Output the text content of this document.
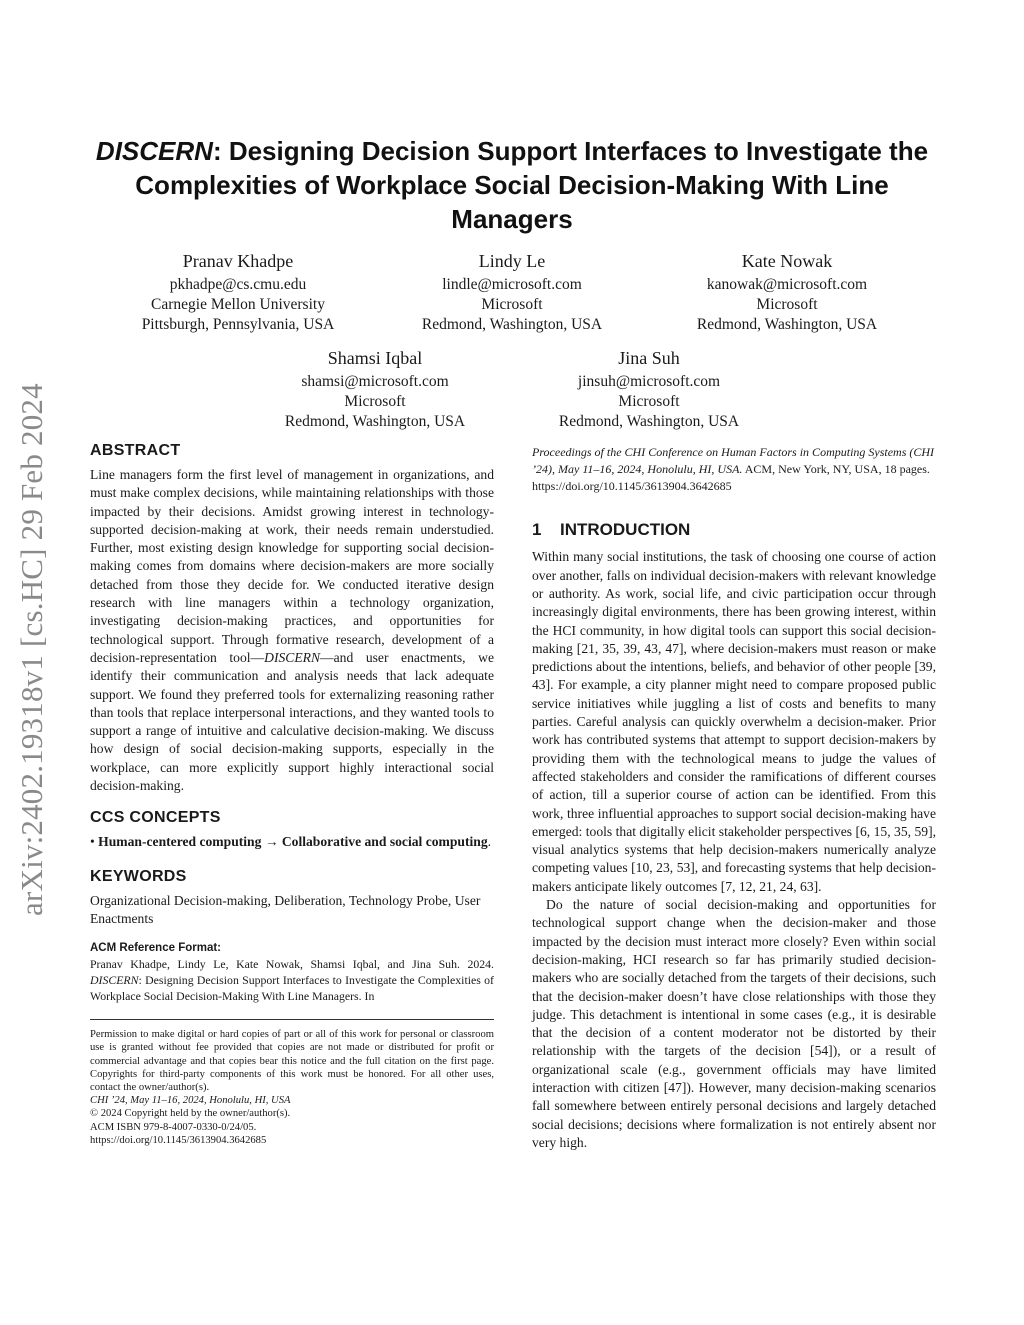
arXiv:2402.19318v1 [cs.HC] 29 Feb 2024
DISCERN: Designing Decision Support Interfaces to Investigate the Complexities of Workplace Social Decision-Making With Line Managers
Pranav Khadpe
pkhadpe@cs.cmu.edu
Carnegie Mellon University
Pittsburgh, Pennsylvania, USA
Lindy Le
lindle@microsoft.com
Microsoft
Redmond, Washington, USA
Kate Nowak
kanowak@microsoft.com
Microsoft
Redmond, Washington, USA
Shamsi Iqbal
shamsi@microsoft.com
Microsoft
Redmond, Washington, USA
Jina Suh
jinsuh@microsoft.com
Microsoft
Redmond, Washington, USA
ABSTRACT

Line managers form the first level of management in organizations, and must make complex decisions, while maintaining relationships with those impacted by their decisions. Amidst growing interest in technology-supported decision-making at work, their needs remain understudied. Further, most existing design knowledge for supporting social decision-making comes from domains where decision-makers are more socially detached from those they decide for. We conducted iterative design research with line managers within a technology organization, investigating decision-making practices, and opportunities for technological support. Through formative research, development of a decision-representation tool—DISCERN—and user enactments, we identify their communication and analysis needs that lack adequate support. We found they preferred tools for externalizing reasoning rather than tools that replace interpersonal interactions, and they wanted tools to support a range of intuitive and calculative decision-making. We discuss how design of social decision-making supports, especially in the workplace, can more explicitly support highly interactional social decision-making.

CCS CONCEPTS

• Human-centered computing → Collaborative and social computing.

KEYWORDS

Organizational Decision-making, Deliberation, Technology Probe, User Enactments

ACM Reference Format:

Pranav Khadpe, Lindy Le, Kate Nowak, Shamsi Iqbal, and Jina Suh. 2024. DISCERN: Designing Decision Support Interfaces to Investigate the Complexities of Workplace Social Decision-Making With Line Managers. In

Permission to make digital or hard copies of part or all of this work for personal or classroom use is granted without fee provided that copies are not made or distributed for profit or commercial advantage and that copies bear this notice and the full citation on the first page. Copyrights for third-party components of this work must be honored. For all other uses, contact the owner/author(s).

CHI ’24, May 11–16, 2024, Honolulu, HI, USA

© 2024 Copyright held by the owner/author(s).

ACM ISBN 979-8-4007-0330-0/24/05.

https://doi.org/10.1145/3613904.3642685

Proceedings of the CHI Conference on Human Factors in Computing Systems (CHI ’24), May 11–16, 2024, Honolulu, HI, USA. ACM, New York, NY, USA, 18 pages. https://doi.org/10.1145/3613904.3642685

1 INTRODUCTION

Within many social institutions, the task of choosing one course of action over another, falls on individual decision-makers with relevant knowledge or authority. As work, social life, and civic participation occur through increasingly digital environments, there has been growing interest, within the HCI community, in how digital tools can support this social decision-making [21, 35, 39, 43, 47], where decision-makers must reason or make predictions about the intentions, beliefs, and behavior of other people [39, 43]. For example, a city planner might need to compare proposed public service initiatives while juggling a list of costs and benefits to many parties. Careful analysis can quickly overwhelm a decision-maker. Prior work has contributed systems that attempt to support decision-makers by providing them with the technological means to judge the values of affected stakeholders and consider the ramifications of different courses of action, till a superior course of action can be identified. From this work, three influential approaches to support social decision-making have emerged: tools that digitally elicit stakeholder perspectives [6, 15, 35, 59], visual analytics systems that help decision-makers numerically analyze competing values [10, 23, 53], and forecasting systems that help decision-makers anticipate likely outcomes [7, 12, 21, 24, 63].

Do the nature of social decision-making and opportunities for technological support change when the decision-maker and those impacted by the decision must interact more closely? Even within social decision-making, HCI research so far has primarily studied decision-makers who are socially detached from the targets of their decisions, such that the decision-maker doesn’t have close relationships with those they judge. This detachment is intentional in some cases (e.g., it is desirable that the decision of a content moderator not be distorted by their relationship with the targets of the decision [54]), or a result of organizational scale (e.g., government officials may have limited interaction with citizen [47]). However, many decision-making scenarios fall somewhere between entirely personal decisions and largely detached social decisions; decisions where formalization is not entirely absent nor very high.
